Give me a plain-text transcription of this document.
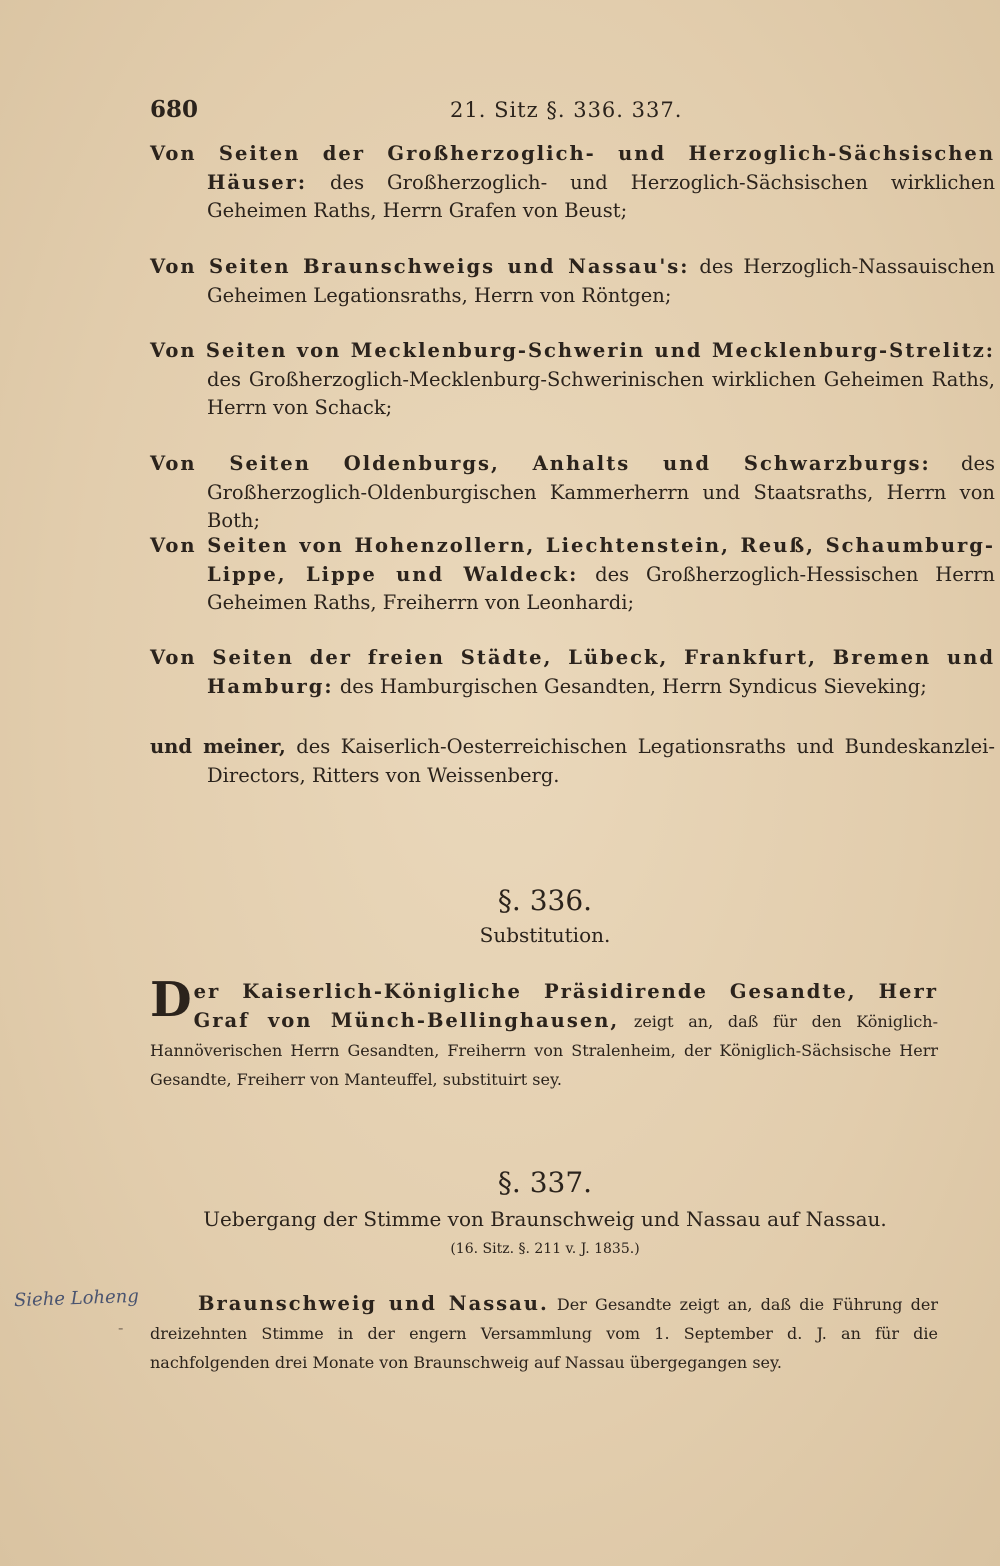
680	21. Sitz §. 336. 337.
Von Seiten der Großherzoglich- und Herzoglich-Sächsischen Häuser: des Großherzoglich- und Herzoglich-Sächsischen wirklichen Geheimen Raths, Herrn Grafen von Beust;
Von Seiten Braunschweigs und Nassau's: des Herzoglich-Nassauischen Geheimen Legationsraths, Herrn von Röntgen;
Von Seiten von Mecklenburg-Schwerin und Mecklenburg-Strelitz: des Großherzoglich-Mecklenburg-Schwerinischen wirklichen Geheimen Raths, Herrn von Schack;
Von Seiten Oldenburgs, Anhalts und Schwarzburgs: des Großherzoglich-Oldenburgischen Kammerherrn und Staatsraths, Herrn von Both;
Von Seiten von Hohenzollern, Liechtenstein, Reuß, Schaumburg-Lippe, Lippe und Waldeck: des Großherzoglich-Hessischen Herrn Geheimen Raths, Freiherrn von Leonhardi;
Von Seiten der freien Städte, Lübeck, Frankfurt, Bremen und Hamburg: des Hamburgischen Gesandten, Herrn Syndicus Sieveking;
und meiner, des Kaiserlich-Oesterreichischen Legationsraths und Bundeskanzlei-Directors, Ritters von Weissenberg.
§. 336.
Substitution.
Der Kaiserlich-Königliche Präsidirende Gesandte, Herr Graf von Münch-Bellinghausen, zeigt an, daß für den Königlich-Hannöverischen Herrn Gesandten, Freiherrn von Stralenheim, der Königlich-Sächsische Herr Gesandte, Freiherr von Manteuffel, substituirt sey.
§. 337.
Uebergang der Stimme von Braunschweig und Nassau auf Nassau.
(16. Sitz. §. 211 v. J. 1835.)
Braunschweig und Nassau. Der Gesandte zeigt an, daß die Führung der dreizehnten Stimme in der engern Versammlung vom 1. September d. J. an für die nachfolgenden drei Monate von Braunschweig auf Nassau übergegangen sey.
Siehe Loheng
-
